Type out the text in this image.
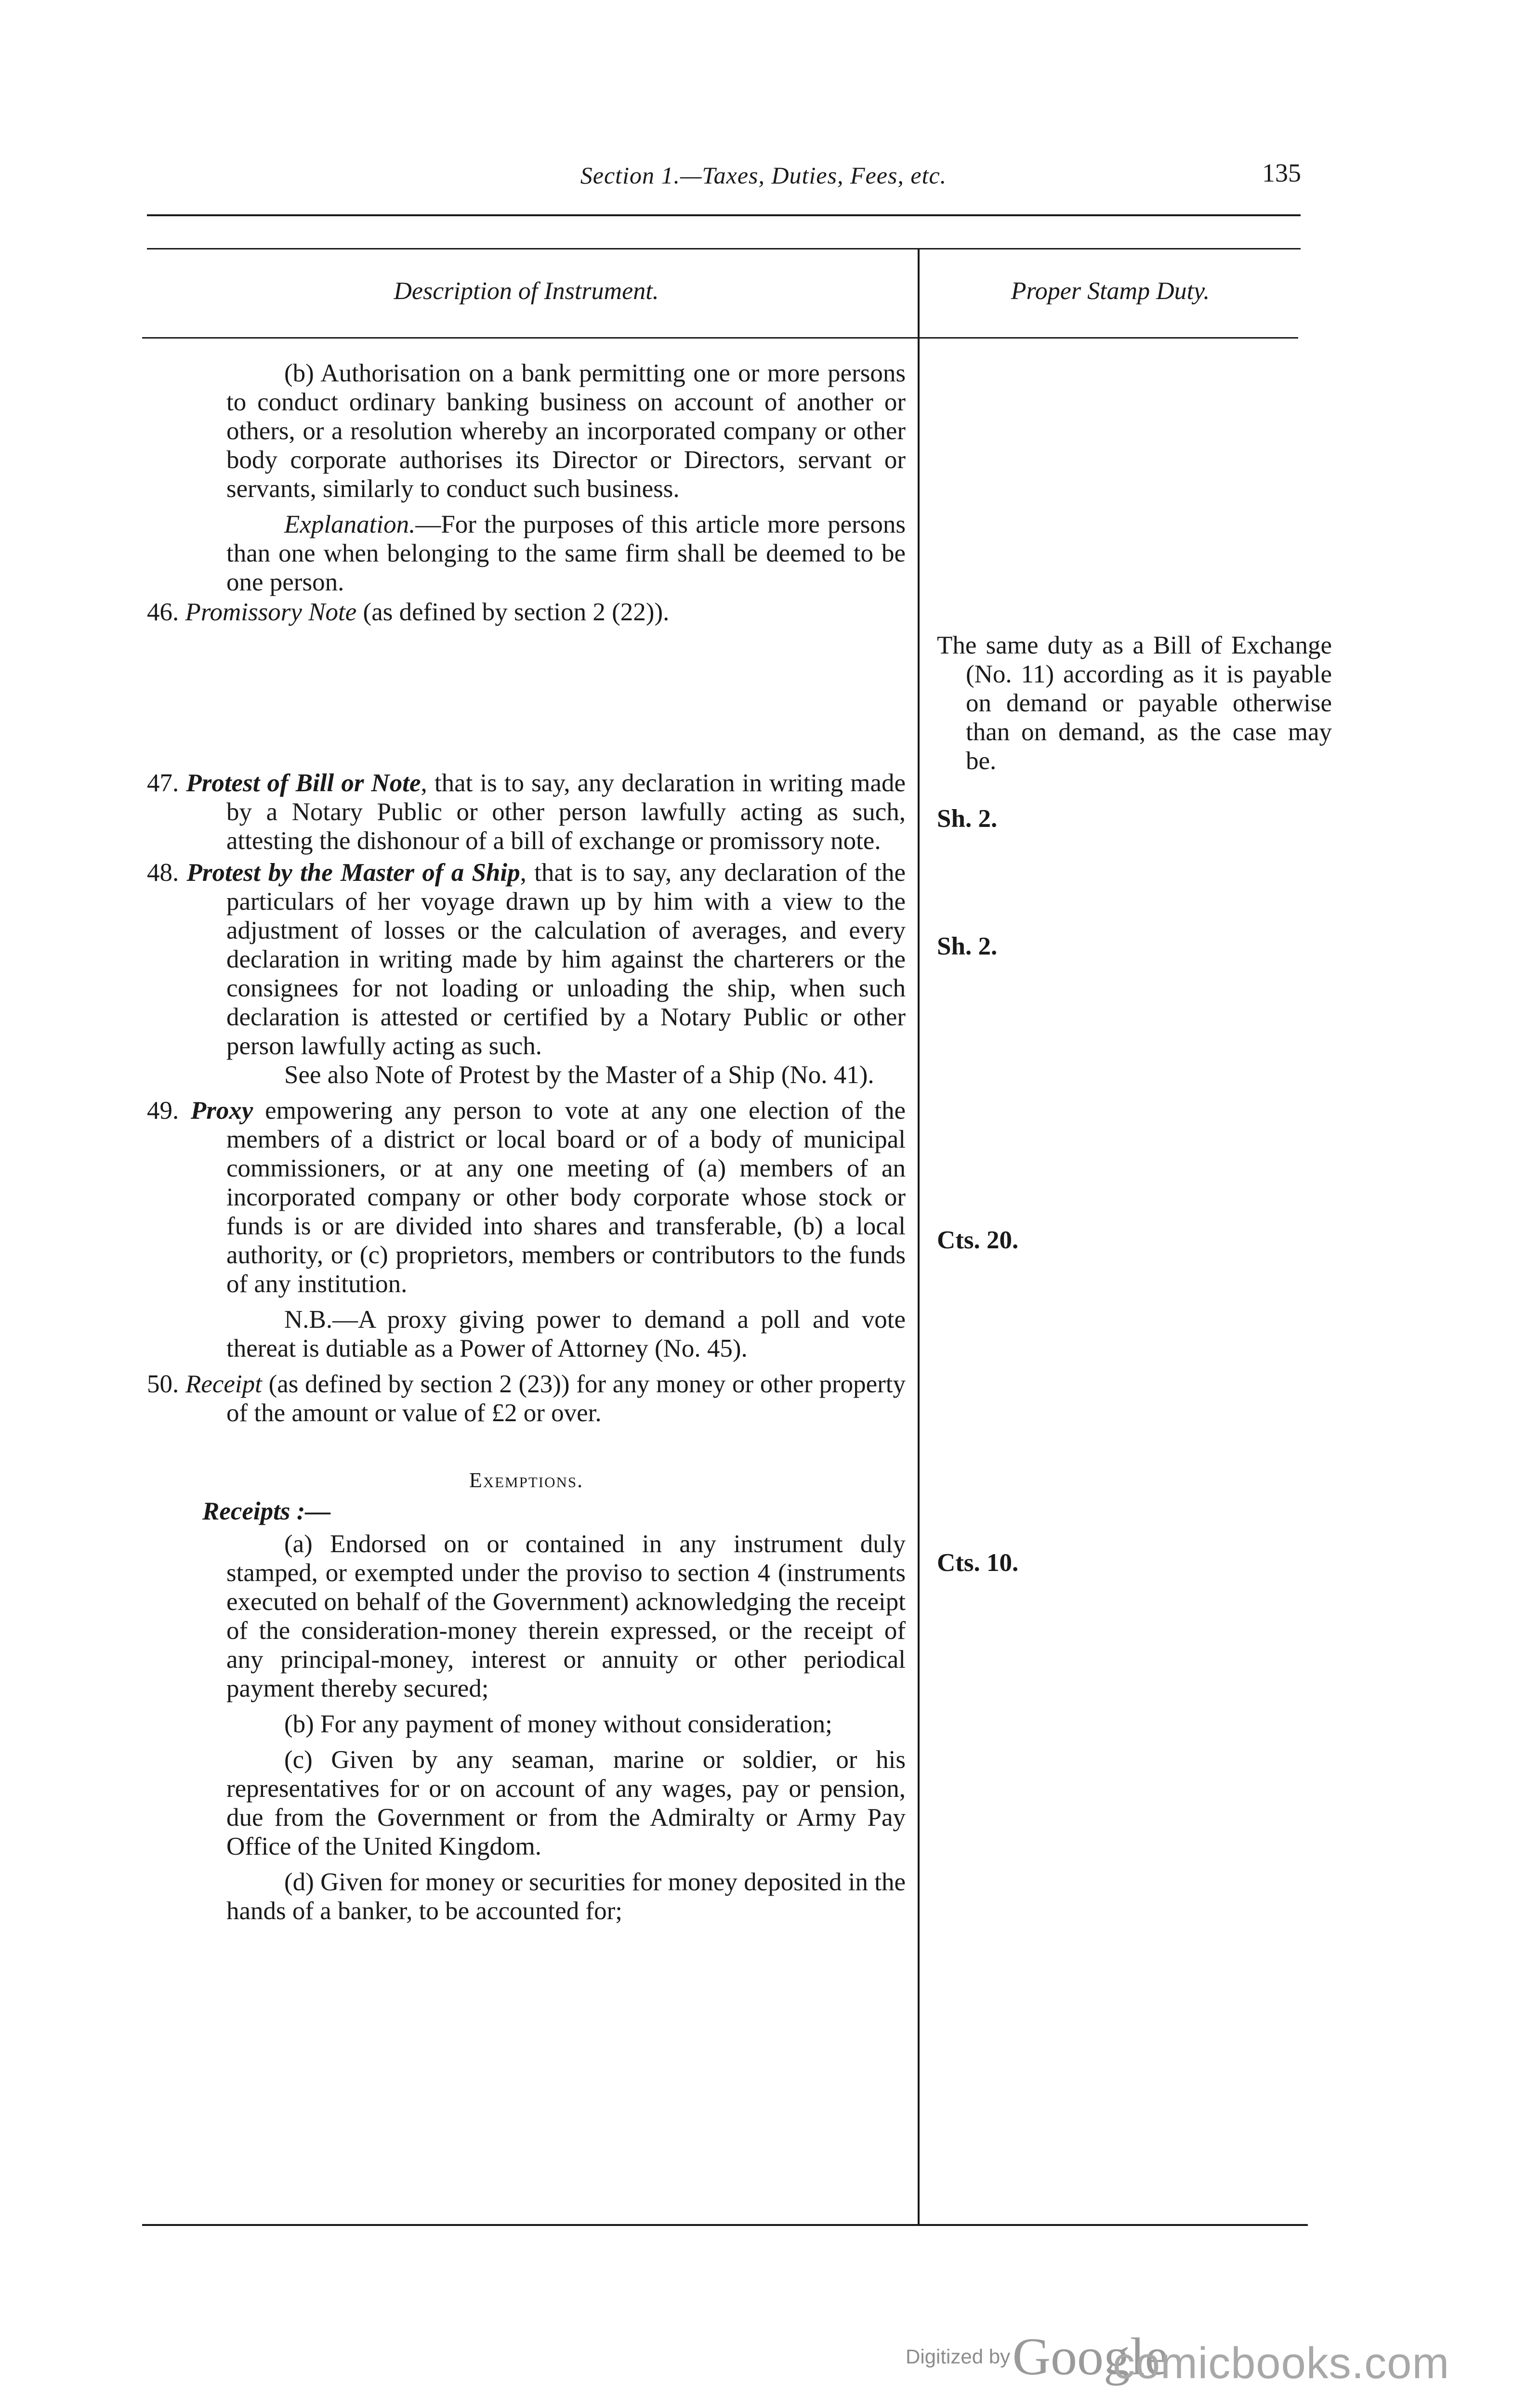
Section 1.—Taxes, Duties, Fees, etc.	135
Description of Instrument.	Proper Stamp Duty.

(b) Authorisation on a bank permitting one or more persons to conduct ordinary banking business on account of another or others, or a resolution whereby an incorporated company or other body corporate authorises its Director or Directors, servant or servants, similarly to conduct such business.

Explanation.—For the purposes of this article more persons than one when belonging to the same firm shall be deemed to be one person.

46. Promissory Note (as defined by section 2 (22)).

47. Protest of Bill or Note, that is to say, any declaration in writing made by a Notary Public or other person lawfully acting as such, attesting the dishonour of a bill of exchange or promissory note.

48. Protest by the Master of a Ship, that is to say, any declaration of the particulars of her voyage drawn up by him with a view to the adjustment of losses or the calculation of averages, and every declaration in writing made by him against the charterers or the consignees for not loading or unloading the ship, when such declaration is attested or certified by a Notary Public or other person lawfully acting as such.

See also Note of Protest by the Master of a Ship (No. 41).

49. Proxy empowering any person to vote at any one election of the members of a district or local board or of a body of municipal commissioners, or at any one meeting of (a) members of an incorporated company or other body corporate whose stock or funds is or are divided into shares and transferable, (b) a local authority, or (c) proprietors, members or contributors to the funds of any institution.

N.B.—A proxy giving power to demand a poll and vote thereat is dutiable as a Power of Attorney (No. 45).

50. Receipt (as defined by section 2 (23)) for any money or other property of the amount or value of £2 or over.

Exemptions.

Receipts :—

(a) Endorsed on or contained in any instrument duly stamped, or exempted under the proviso to section 4 (instruments executed on behalf of the Government) acknowledging the receipt of the consideration-money therein expressed, or the receipt of any principal-money, interest or annuity or other periodical payment thereby secured;

(b) For any payment of money without consideration;

(c) Given by any seaman, marine or soldier, or his representatives for or on account of any wages, pay or pension, due from the Government or from the Admiralty or Army Pay Office of the United Kingdom.

(d) Given for money or securities for money deposited in the hands of a banker, to be accounted for;

The same duty as a Bill of Exchange (No. 11) according as it is payable on demand or payable otherwise than on demand, as the case may be.
Sh. 2.
Sh. 2.
Cts. 20.
Cts. 10.
Digitized by Google
comicbooks.com
